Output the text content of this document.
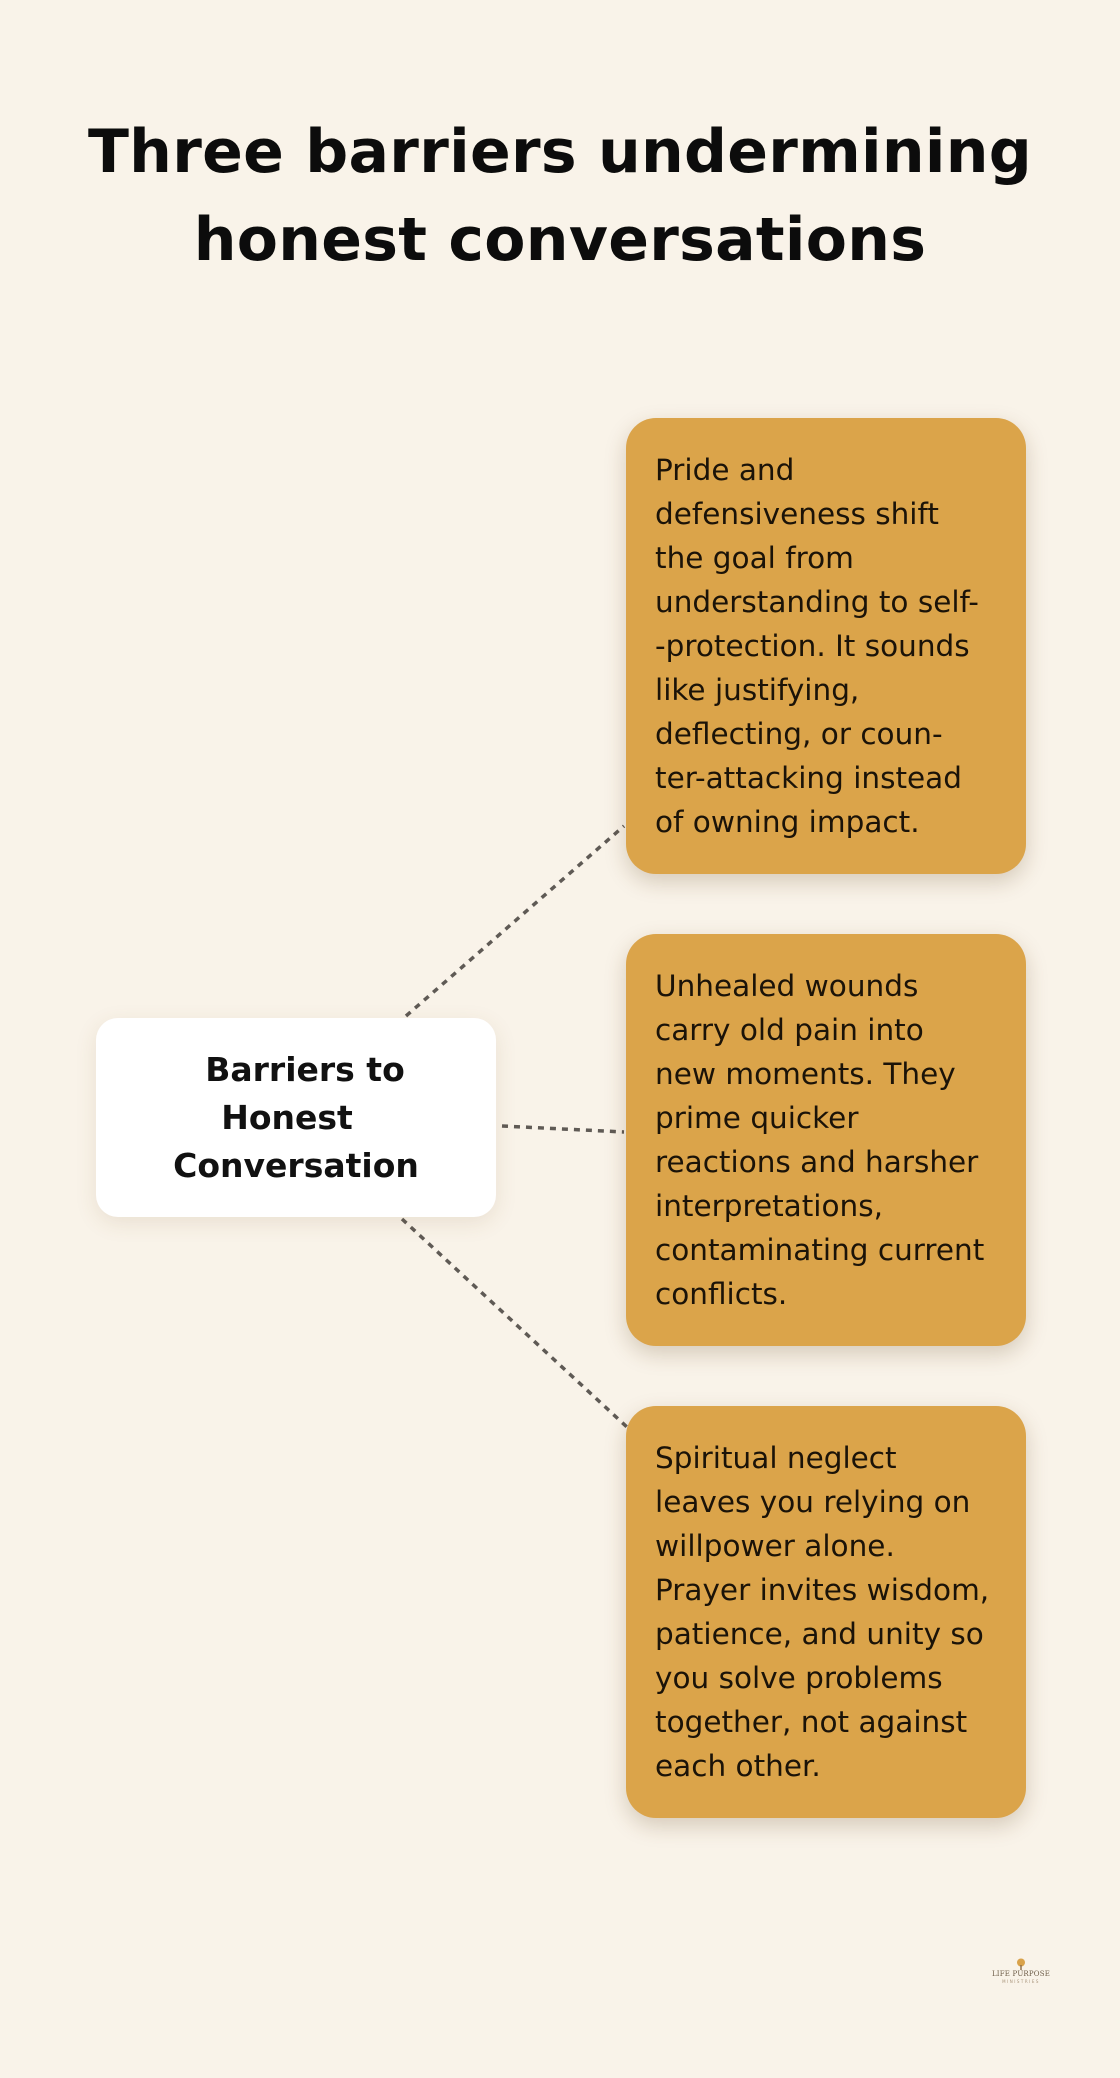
Three barriers undermining
honest conversations
Barriers to Honest
Conversation

Pride and
defensiveness shift
the goal from
understanding to self-
-protection. It sounds
like justifying,
deflecting, or coun-
ter-attacking instead
of owning impact.

Unhealed wounds
carry old pain into
new moments. They
prime quicker
reactions and harsher
interpretations,
contaminating current
conflicts.

Spiritual neglect
leaves you relying on
willpower alone.
Prayer invites wisdom,
patience, and unity so
you solve problems
together, not against
each other.

LIFE PURPOSE
MINISTRIES
